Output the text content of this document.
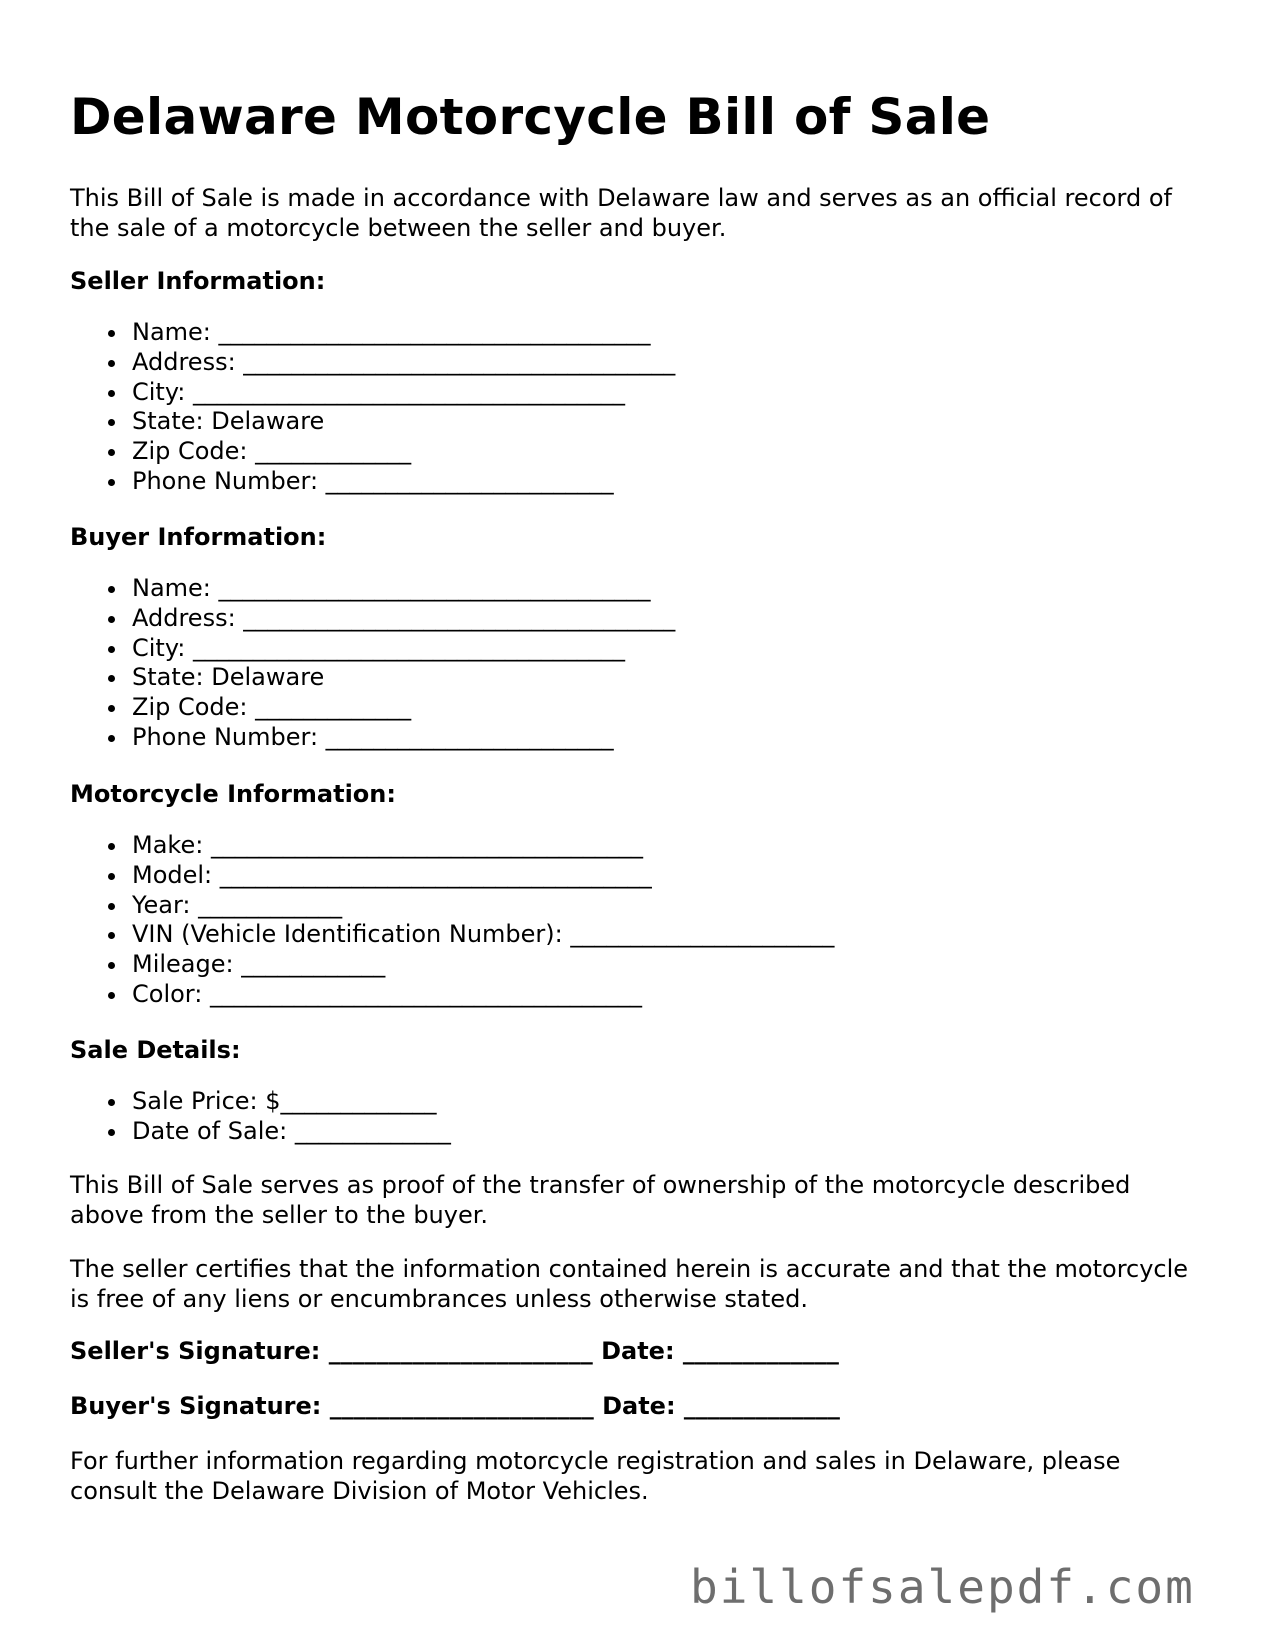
Delaware Motorcycle Bill of Sale

This Bill of Sale is made in accordance with Delaware law and serves as an official record of the sale of a motorcycle between the seller and buyer.

Seller Information:
Name: ____________________________________
Address: ____________________________________
City: ____________________________________
State: Delaware
Zip Code: _____________
Phone Number: ________________________
Buyer Information:
Name: ____________________________________
Address: ____________________________________
City: ____________________________________
State: Delaware
Zip Code: _____________
Phone Number: ________________________
Motorcycle Information:
Make: ____________________________________
Model: ____________________________________
Year: ____________
VIN (Vehicle Identification Number): ______________________
Mileage: ____________
Color: ____________________________________
Sale Details:
Sale Price: $_____________
Date of Sale: _____________

This Bill of Sale serves as proof of the transfer of ownership of the motorcycle described above from the seller to the buyer.

The seller certifies that the information contained herein is accurate and that the motorcycle is free of any liens or encumbrances unless otherwise stated.

Seller's Signature: ______________________ Date: _____________
Buyer's Signature: ______________________ Date: _____________

For further information regarding motorcycle registration and sales in Delaware, please consult the Delaware Division of Motor Vehicles.

billofsalepdf.com
